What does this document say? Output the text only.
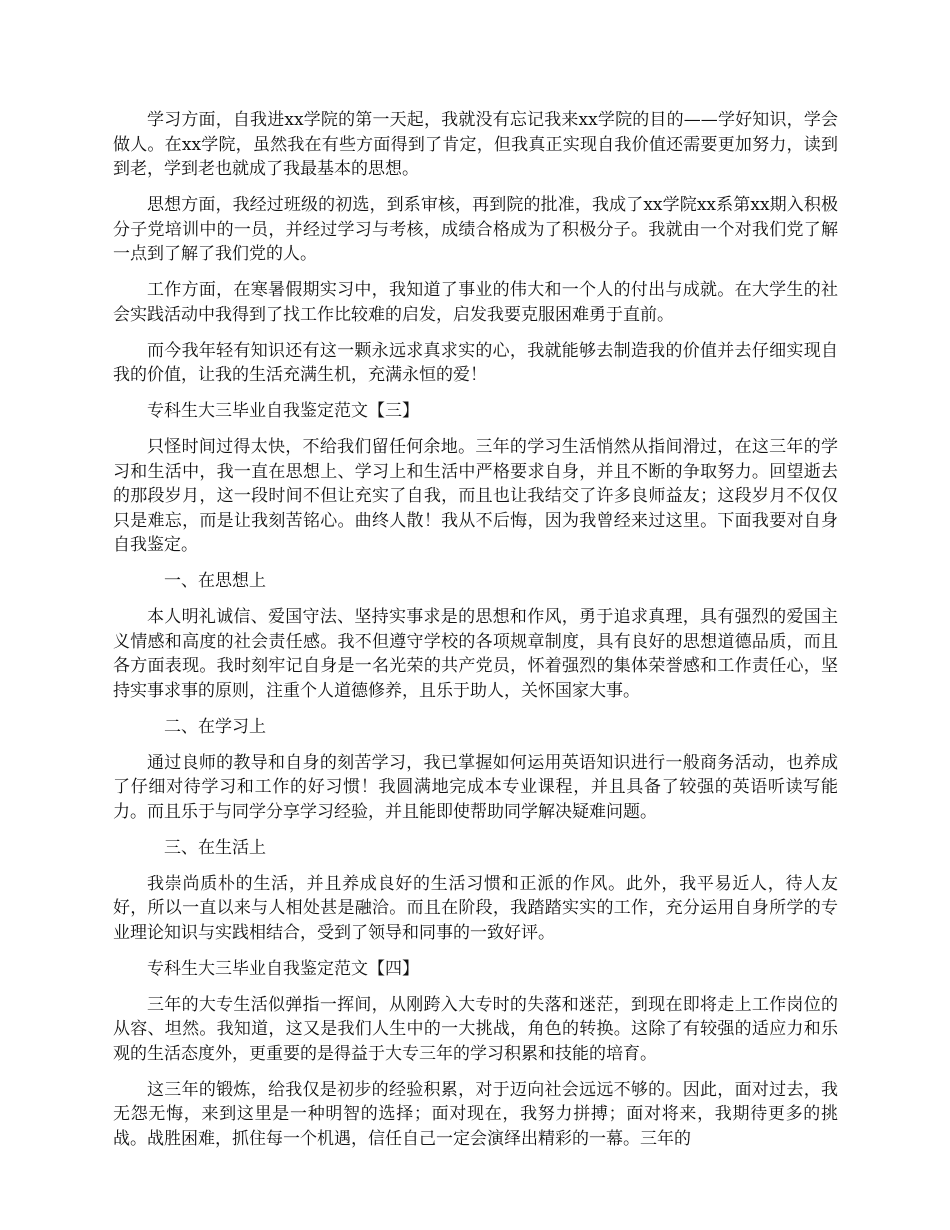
学习方面，自我进xx学院的第一天起，我就没有忘记我来xx学院的目的——学好知识，学会做人。在xx学院，虽然我在有些方面得到了肯定，但我真正实现自我价值还需要更加努力，读到到老，学到老也就成了我最基本的思想。

思想方面，我经过班级的初选，到系审核，再到院的批准，我成了xx学院xx系第xx期入积极分子党培训中的一员，并经过学习与考核，成绩合格成为了积极分子。我就由一个对我们党了解一点到了解了我们党的人。

工作方面，在寒暑假期实习中，我知道了事业的伟大和一个人的付出与成就。在大学生的社会实践活动中我得到了找工作比较难的启发，启发我要克服困难勇于直前。

而今我年轻有知识还有这一颗永远求真求实的心，我就能够去制造我的价值并去仔细实现自我的价值，让我的生活充满生机，充满永恒的爱！

专科生大三毕业自我鉴定范文【三】

只怪时间过得太快，不给我们留任何余地。三年的学习生活悄然从指间滑过，在这三年的学习和生活中，我一直在思想上、学习上和生活中严格要求自身，并且不断的争取努力。回望逝去的那段岁月，这一段时间不但让充实了自我，而且也让我结交了许多良师益友；这段岁月不仅仅只是难忘，而是让我刻苦铭心。曲终人散！我从不后悔，因为我曾经来过这里。下面我要对自身自我鉴定。

一、在思想上

本人明礼诚信、爱国守法、坚持实事求是的思想和作风，勇于追求真理，具有强烈的爱国主义情感和高度的社会责任感。我不但遵守学校的各项规章制度，具有良好的思想道德品质，而且各方面表现。我时刻牢记自身是一名光荣的共产党员，怀着强烈的集体荣誉感和工作责任心，坚持实事求事的原则，注重个人道德修养，且乐于助人，关怀国家大事。

二、在学习上

通过良师的教导和自身的刻苦学习，我已掌握如何运用英语知识进行一般商务活动，也养成了仔细对待学习和工作的好习惯！我圆满地完成本专业课程，并且具备了较强的英语听读写能力。而且乐于与同学分享学习经验，并且能即使帮助同学解决疑难问题。

三、在生活上

我崇尚质朴的生活，并且养成良好的生活习惯和正派的作风。此外，我平易近人，待人友好，所以一直以来与人相处甚是融洽。而且在阶段，我踏踏实实的工作，充分运用自身所学的专业理论知识与实践相结合，受到了领导和同事的一致好评。

专科生大三毕业自我鉴定范文【四】

三年的大专生活似弹指一挥间，从刚跨入大专时的失落和迷茫，到现在即将走上工作岗位的从容、坦然。我知道，这又是我们人生中的一大挑战，角色的转换。这除了有较强的适应力和乐观的生活态度外，更重要的是得益于大专三年的学习积累和技能的培育。

这三年的锻炼，给我仅是初步的经验积累，对于迈向社会远远不够的。因此，面对过去，我无怨无悔，来到这里是一种明智的选择；面对现在，我努力拼搏；面对将来，我期待更多的挑战。战胜困难，抓住每一个机遇，信任自己一定会演绎出精彩的一幕。三年的
